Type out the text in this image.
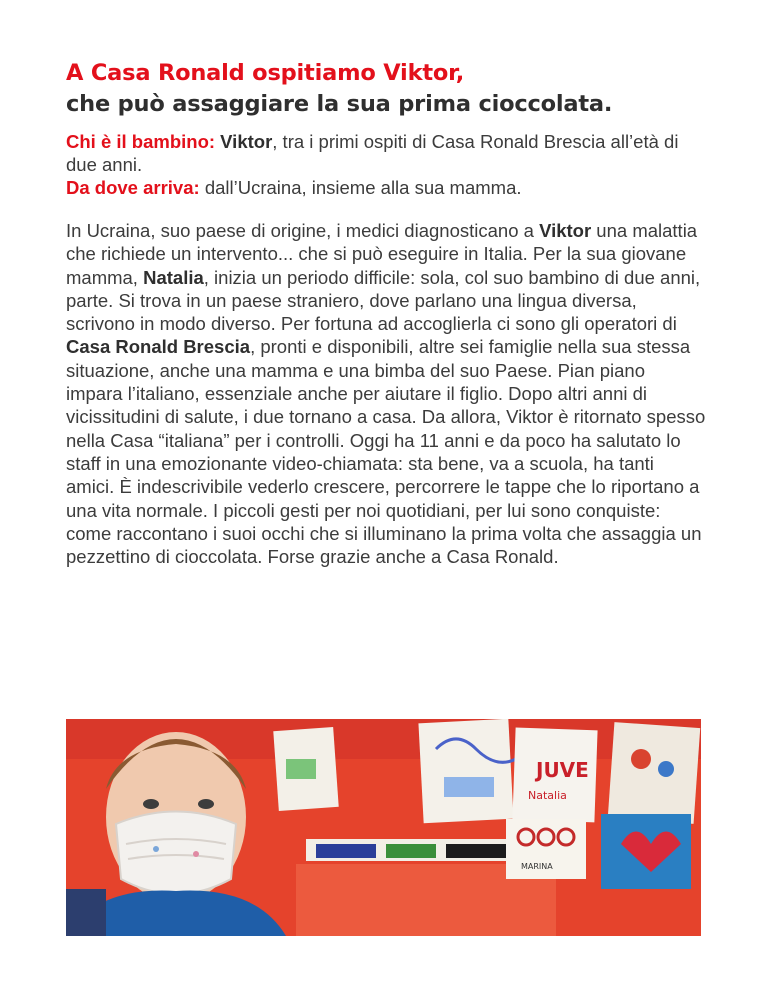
A Casa Ronald ospitiamo Viktor,
che può assaggiare la sua prima cioccolata.

Chi è il bambino: Viktor, tra i primi ospiti di Casa Ronald Brescia all’età di due anni.

Da dove arriva: dall’Ucraina, insieme alla sua mamma.

In Ucraina, suo paese di origine, i medici diagnosticano a Viktor una malattia che richiede un intervento... che si può eseguire in Italia. Per la sua giovane mamma, Natalia, inizia un periodo difficile: sola, col suo bambino di due anni, parte. Si trova in un paese straniero, dove parlano una lingua diversa, scrivono in modo diverso. Per fortuna ad accoglierla ci sono gli operatori di Casa Ronald Brescia, pronti e disponibili, altre sei famiglie nella sua stessa situazione, anche una mamma e una bimba del suo Paese. Pian piano impara l’italiano, essenziale anche per aiutare il figlio. Dopo altri anni di vicissitudini di salute, i due tornano a casa. Da allora, Viktor è ritornato spesso nella Casa “italiana” per i controlli. Oggi ha 11 anni e da poco ha salutato lo staff in una emozionante video-chiamata: sta bene, va a scuola, ha tanti amici. È indescrivibile vederlo crescere, percorrere le tappe che lo riportano a una vita normale. I piccoli gesti per noi quotidiani, per lui sono conquiste: come raccontano i suoi occhi che si illuminano la prima volta che assaggia un pezzettino di cioccolata. Forse grazie anche a Casa Ronald.

JUVE
Natalia
MARINA
